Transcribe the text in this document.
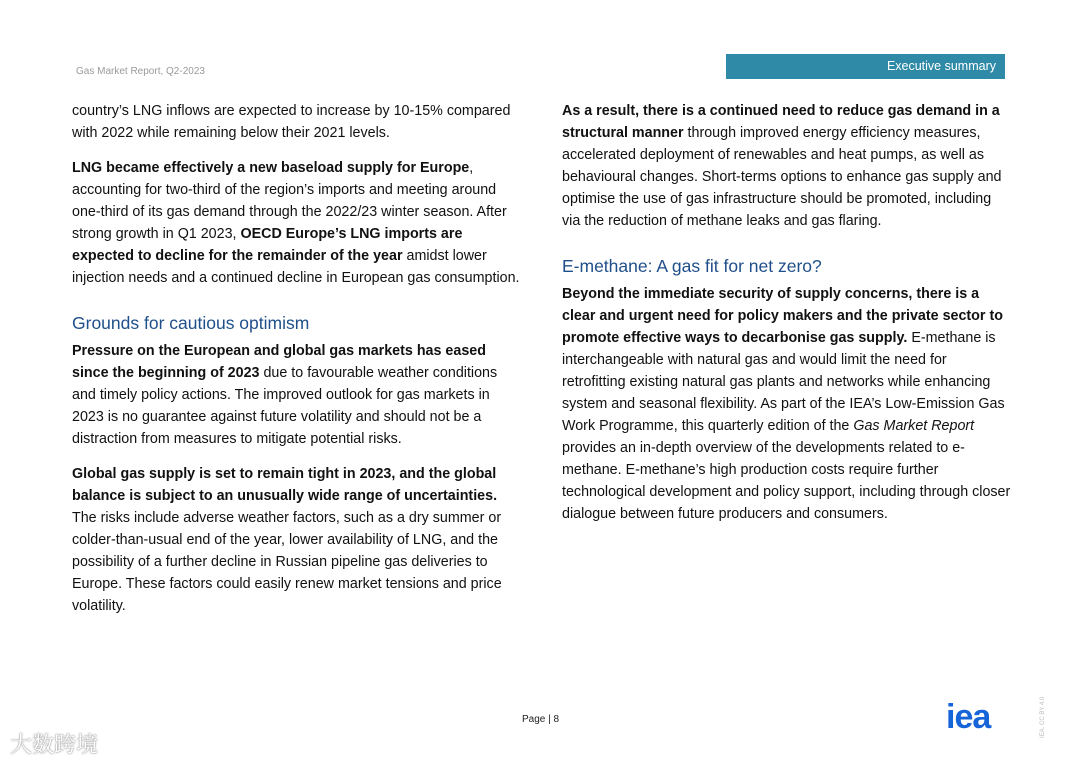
Gas Market Report, Q2-2023	Executive summary

country’s LNG inflows are expected to increase by 10-15% compared with 2022 while remaining below their 2021 levels.

LNG became effectively a new baseload supply for Europe, accounting for two-third of the region’s imports and meeting around one-third of its gas demand through the 2022/23 winter season. After strong growth in Q1 2023, OECD Europe’s LNG imports are expected to decline for the remainder of the year amidst lower injection needs and a continued decline in European gas consumption.

Grounds for cautious optimism

Pressure on the European and global gas markets has eased since the beginning of 2023 due to favourable weather conditions and timely policy actions. The improved outlook for gas markets in 2023 is no guarantee against future volatility and should not be a distraction from measures to mitigate potential risks.

Global gas supply is set to remain tight in 2023, and the global balance is subject to an unusually wide range of uncertainties. The risks include adverse weather factors, such as a dry summer or colder-than-usual end of the year, lower availability of LNG, and the possibility of a further decline in Russian pipeline gas deliveries to Europe. These factors could easily renew market tensions and price volatility.

As a result, there is a continued need to reduce gas demand in a structural manner through improved energy efficiency measures, accelerated deployment of renewables and heat pumps, as well as behavioural changes. Short-terms options to enhance gas supply and optimise the use of gas infrastructure should be promoted, including via the reduction of methane leaks and gas flaring.

E-methane: A gas fit for net zero?

Beyond the immediate security of supply concerns, there is a clear and urgent need for policy makers and the private sector to promote effective ways to decarbonise gas supply. E-methane is interchangeable with natural gas and would limit the need for retrofitting existing natural gas plants and networks while enhancing system and seasonal flexibility. As part of the IEA’s Low-Emission Gas Work Programme, this quarterly edition of the Gas Market Report provides an in-depth overview of the developments related to e-methane. E-methane’s high production costs require further technological development and policy support, including through closer dialogue between future producers and consumers.

Page | 8	iea	IEA. CC BY 4.0
大数跨境
